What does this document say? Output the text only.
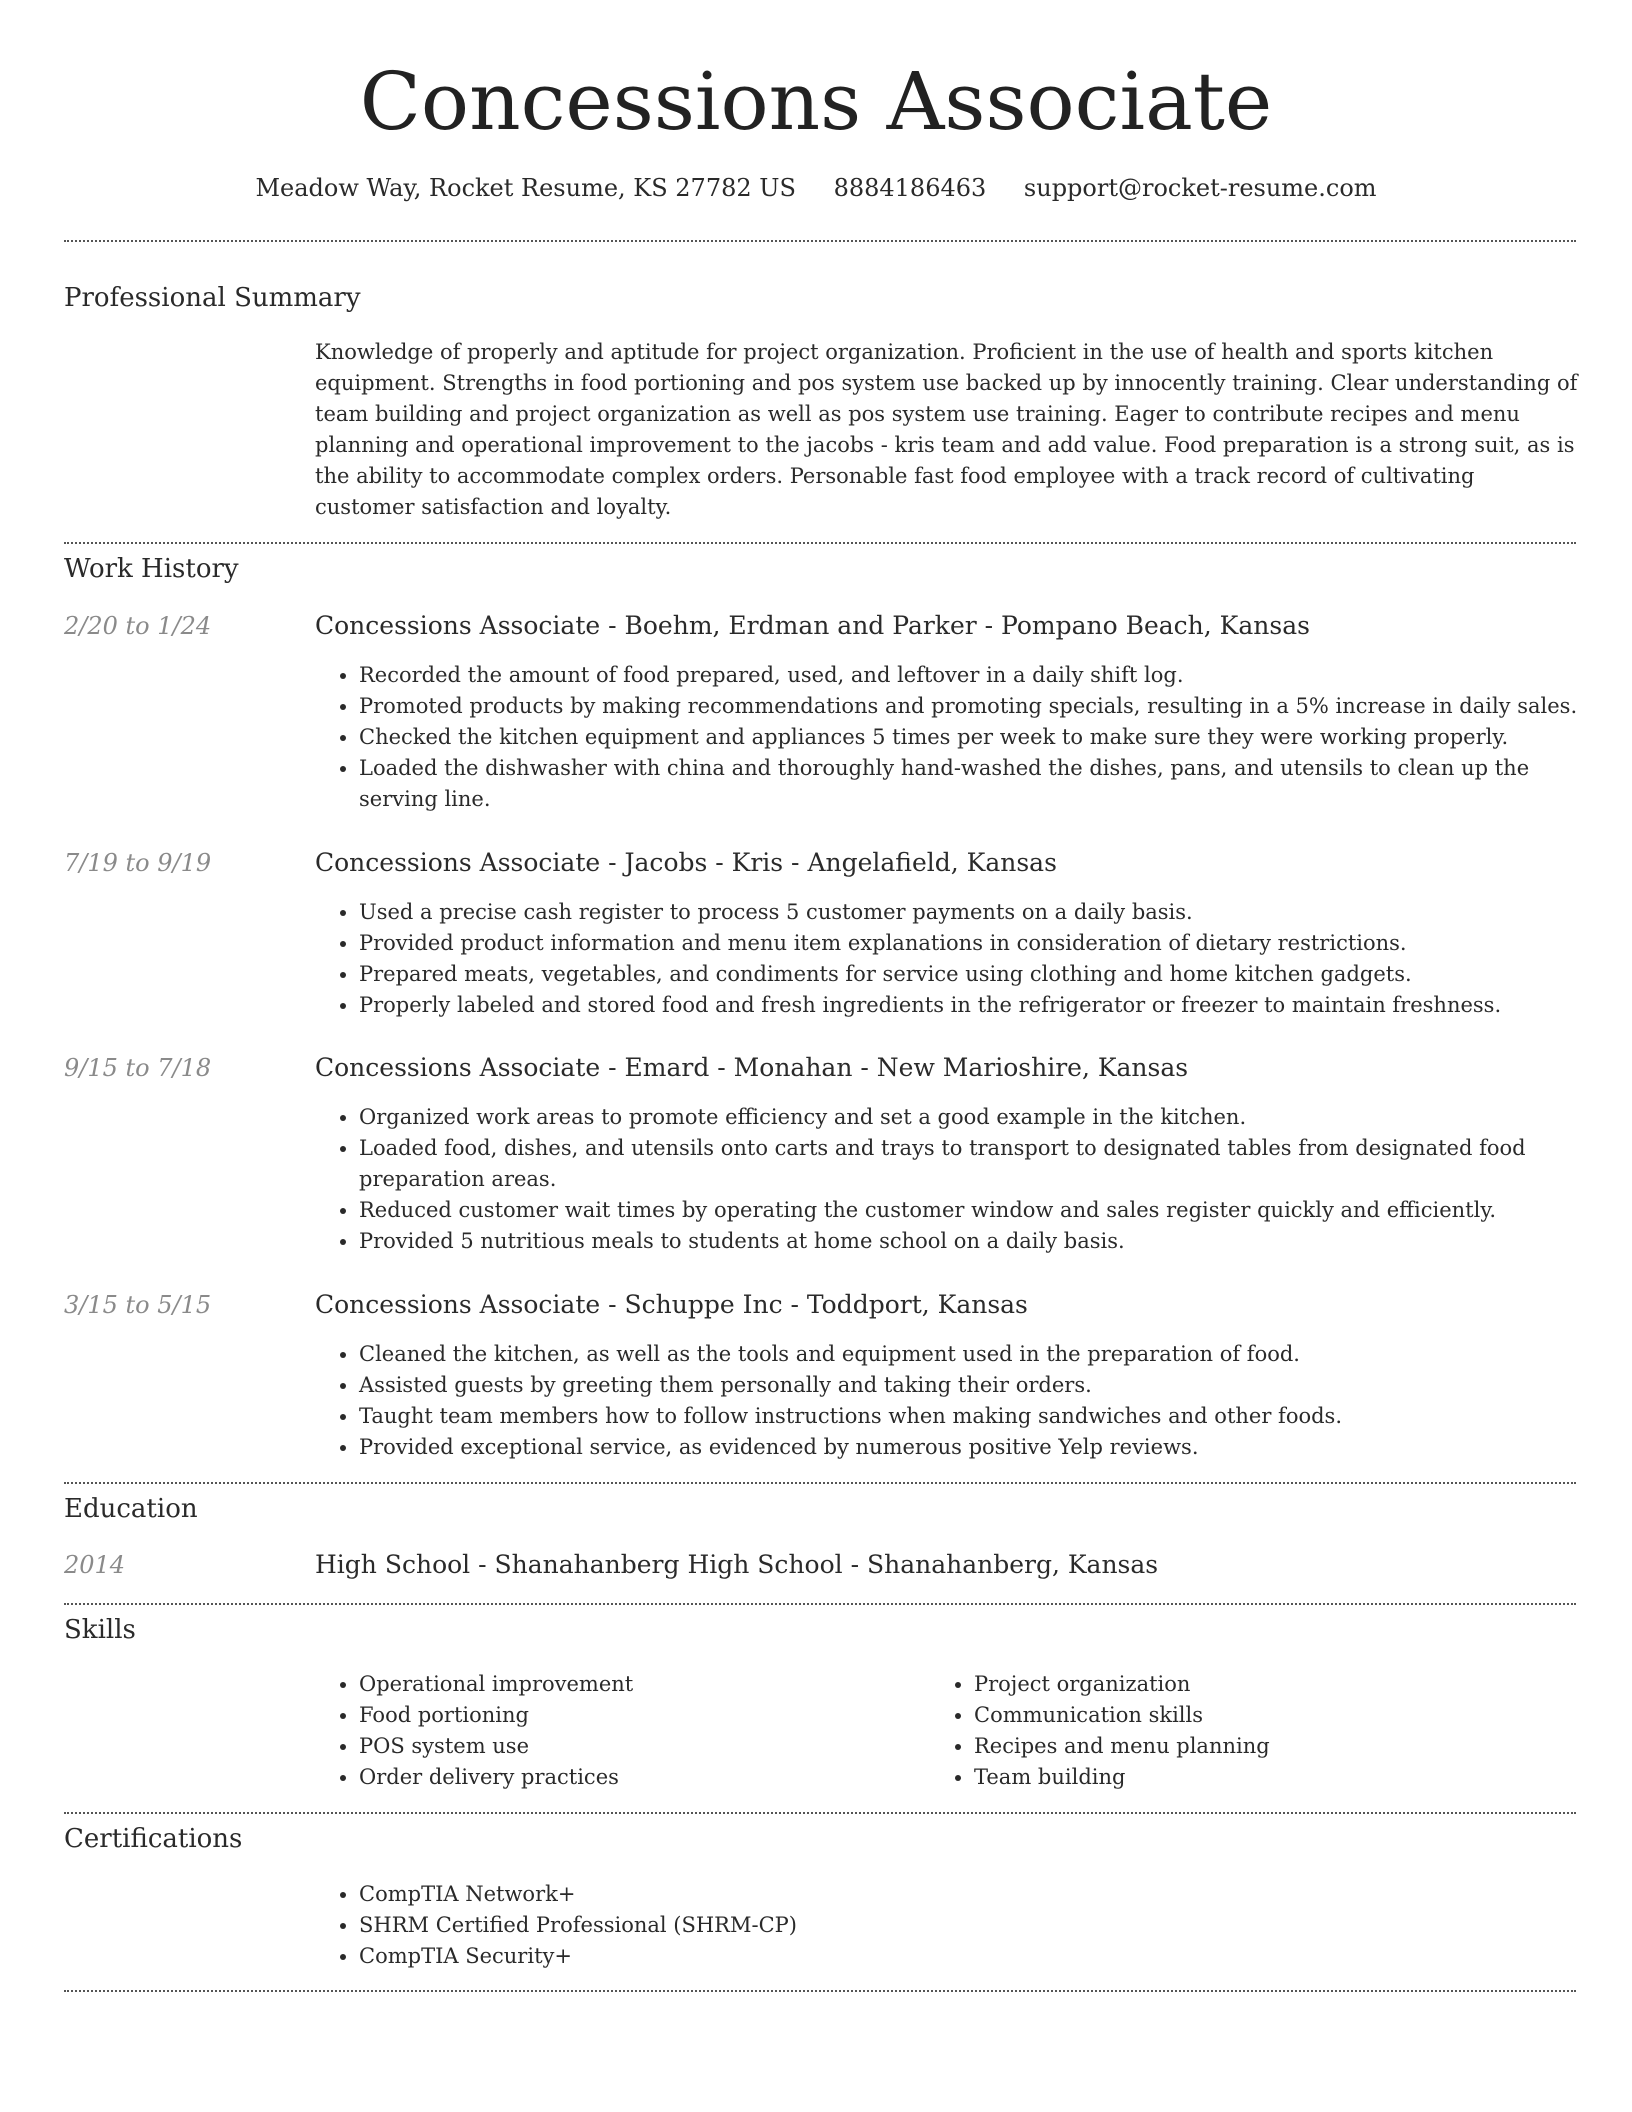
Concessions Associate
Meadow Way, Rocket Resume, KS 27782 US 8884186463 support@rocket-resume.com
Professional Summary
Knowledge of properly and aptitude for project organization. Proficient in the use of health and sports kitchen equipment. Strengths in food portioning and pos system use backed up by innocently training. Clear understanding of team building and project organization as well as pos system use training. Eager to contribute recipes and menu planning and operational improvement to the jacobs - kris team and add value. Food preparation is a strong suit, as is the ability to accommodate complex orders. Personable fast food employee with a track record of cultivating customer satisfaction and loyalty.
Work History
2/20 to 1/24	Concessions Associate - Boehm, Erdman and Parker - Pompano Beach, Kansas
• Recorded the amount of food prepared, used, and leftover in a daily shift log.
• Promoted products by making recommendations and promoting specials, resulting in a 5% increase in daily sales.
• Checked the kitchen equipment and appliances 5 times per week to make sure they were working properly.
• Loaded the dishwasher with china and thoroughly hand-washed the dishes, pans, and utensils to clean up the serving line.
7/19 to 9/19	Concessions Associate - Jacobs - Kris - Angelafield, Kansas
• Used a precise cash register to process 5 customer payments on a daily basis.
• Provided product information and menu item explanations in consideration of dietary restrictions.
• Prepared meats, vegetables, and condiments for service using clothing and home kitchen gadgets.
• Properly labeled and stored food and fresh ingredients in the refrigerator or freezer to maintain freshness.
9/15 to 7/18	Concessions Associate - Emard - Monahan - New Marioshire, Kansas
• Organized work areas to promote efficiency and set a good example in the kitchen.
• Loaded food, dishes, and utensils onto carts and trays to transport to designated tables from designated food preparation areas.
• Reduced customer wait times by operating the customer window and sales register quickly and efficiently.
• Provided 5 nutritious meals to students at home school on a daily basis.
3/15 to 5/15	Concessions Associate - Schuppe Inc - Toddport, Kansas
• Cleaned the kitchen, as well as the tools and equipment used in the preparation of food.
• Assisted guests by greeting them personally and taking their orders.
• Taught team members how to follow instructions when making sandwiches and other foods.
• Provided exceptional service, as evidenced by numerous positive Yelp reviews.
Education
2014	High School - Shanahanberg High School - Shanahanberg, Kansas
Skills
• Operational improvement
• Food portioning
• POS system use
• Order delivery practices
• Project organization
• Communication skills
• Recipes and menu planning
• Team building
Certifications
• CompTIA Network+
• SHRM Certified Professional (SHRM-CP)
• CompTIA Security+
